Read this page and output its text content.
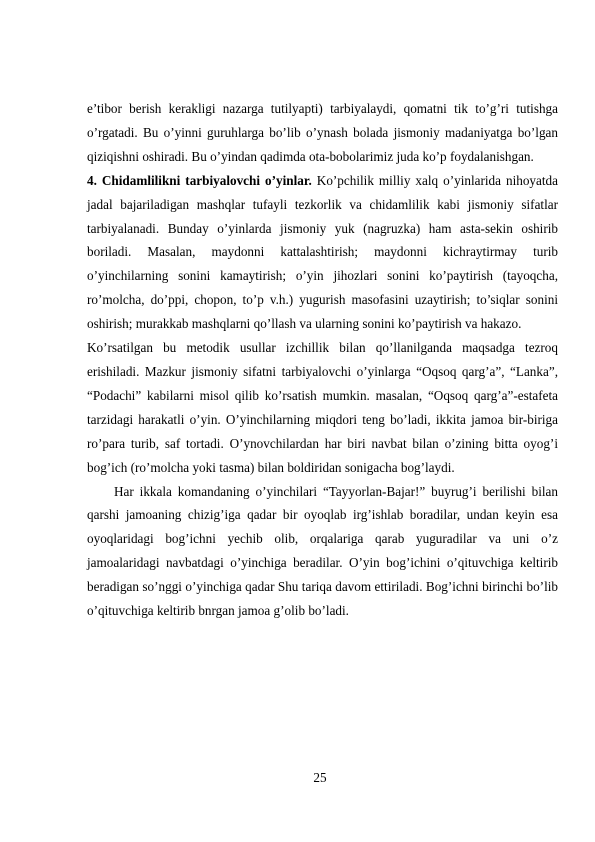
e’tibor berish kerakligi nazarga tutilyapti) tarbiyalaydi, qomatni tik to’g’ri tutishga o’rgatadi. Bu o’yinni guruhlarga bo’lib o’ynash bolada jismoniy madaniyatga bo’lgan qiziqishni oshiradi. Bu o’yindan qadimda ota-bobolarimiz juda ko’p foydalanishgan.

4. Chidamlilikni tarbiyalovchi o’yinlar. Ko’pchilik milliy xalq o’yinlarida nihoyatda jadal bajariladigan mashqlar tufayli tezkorlik va chidamlilik kabi jismoniy sifatlar tarbiyalanadi. Bunday o’yinlarda jismoniy yuk (nagruzka) ham asta-sekin oshirib boriladi. Masalan, maydonni kattalashtirish; maydonni kichraytirmay turib o’yinchilarning sonini kamaytirish; o’yin jihozlari sonini ko’paytirish (tayoqcha, ro’molcha, do’ppi, chopon, to’p v.h.) yugurish masofasini uzaytirish; to’siqlar sonini oshirish; murakkab mashqlarni qo’llash va ularning sonini ko’paytirish va hakazo.

Ko’rsatilgan bu metodik usullar izchillik bilan qo’llanilganda maqsadga tezroq erishiladi. Mazkur jismoniy sifatni tarbiyalovchi o’yinlarga “Oqsoq qarg’a”, “Lanka”, “Podachi” kabilarni misol qilib ko’rsatish mumkin. masalan, “Oqsoq qarg’a”-estafeta tarzidagi harakatli o’yin. O’yinchilarning miqdori teng bo’ladi, ikkita jamoa bir-biriga ro’para turib, saf tortadi. O’ynovchilardan har biri navbat bilan o’zining bitta oyog’i bog’ich (ro’molcha yoki tasma) bilan boldiridan sonigacha bog’laydi.

Har ikkala komandaning o’yinchilari “Tayyorlan-Bajar!” buyrug’i berilishi bilan qarshi jamoaning chizig’iga qadar bir oyoqlab irg’ishlab boradilar, undan keyin esa oyoqlaridagi bog’ichni yechib olib, orqalariga qarab yuguradilar va uni o’z jamoalaridagi navbatdagi o’yinchiga beradilar. O’yin bog’ichini o’qituvchiga keltirib beradigan so’nggi o’yinchiga qadar Shu tariqa davom ettiriladi. Bog’ichni birinchi bo’lib o’qituvchiga keltirib bnrgan jamoa g’olib bo’ladi.

25
